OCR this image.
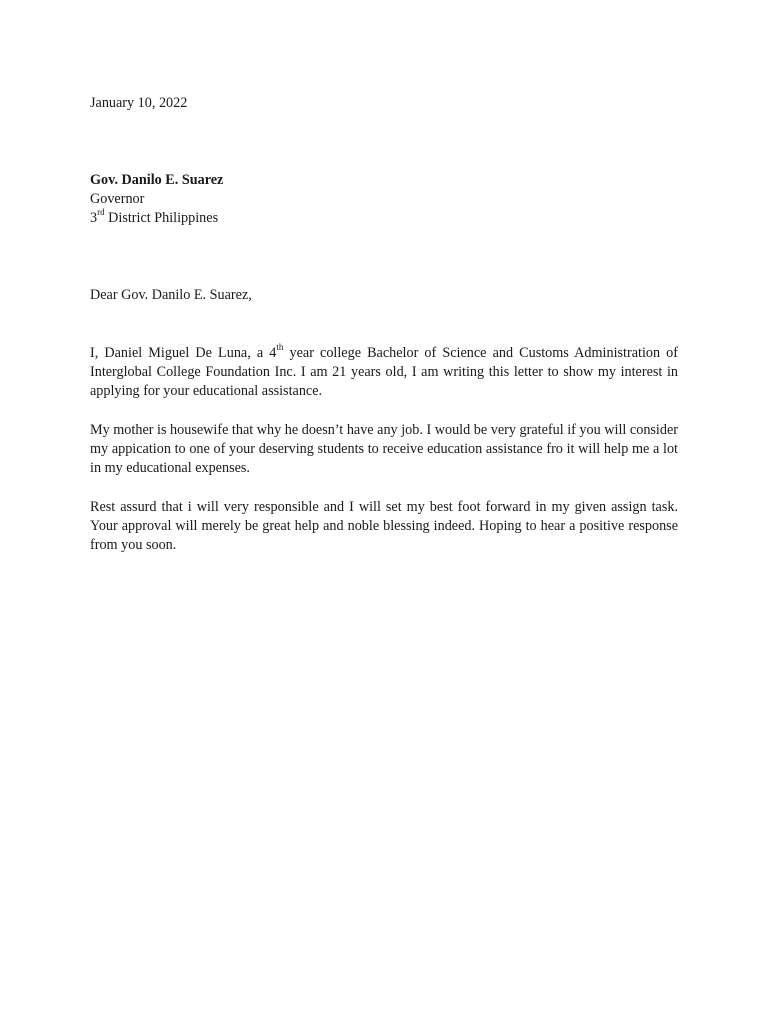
January 10, 2022
Gov. Danilo E. Suarez
Governor
3rd District Philippines
Dear Gov. Danilo E. Suarez,
I, Daniel Miguel De Luna, a 4th year college Bachelor of Science and Customs Administration of Interglobal College Foundation Inc. I am 21 years old, I am writing this letter to show my interest in applying for your educational assistance.
My mother is housewife that why he doesn’t have any job. I would be very grateful if you will consider my appication to one of your deserving students to receive education assistance fro it will help me a lot in my educational expenses.
Rest assurd that i will very responsible and I will set my best foot forward in my given assign task. Your approval will merely be great help and noble blessing indeed. Hoping to hear a positive response from you soon.
